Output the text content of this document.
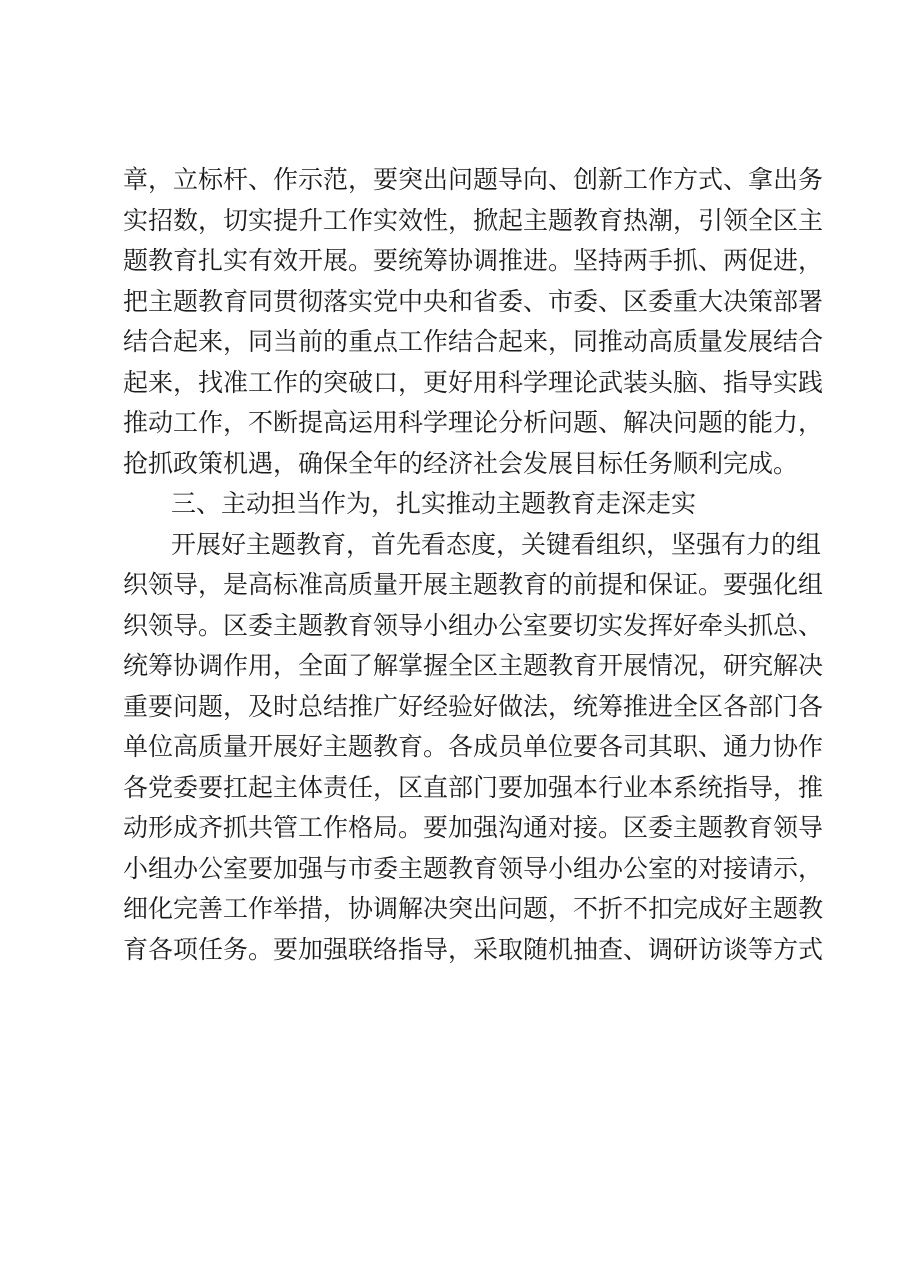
章，立标杆、作示范，要突出问题导向、创新工作方式、拿出务
实招数，切实提升工作实效性，掀起主题教育热潮，引领全区主
题教育扎实有效开展。要统筹协调推进。坚持两手抓、两促进，
把主题教育同贯彻落实党中央和省委、市委、区委重大决策部署
结合起来，同当前的重点工作结合起来，同推动高质量发展结合
起来，找准工作的突破口，更好用科学理论武装头脑、指导实践
推动工作，不断提高运用科学理论分析问题、解决问题的能力，
抢抓政策机遇，确保全年的经济社会发展目标任务顺利完成。
三、主动担当作为，扎实推动主题教育走深走实
开展好主题教育，首先看态度，关键看组织，坚强有力的组
织领导，是高标准高质量开展主题教育的前提和保证。要强化组
织领导。区委主题教育领导小组办公室要切实发挥好牵头抓总、
统筹协调作用，全面了解掌握全区主题教育开展情况，研究解决
重要问题，及时总结推广好经验好做法，统筹推进全区各部门各
单位高质量开展好主题教育。各成员单位要各司其职、通力协作
各党委要扛起主体责任，区直部门要加强本行业本系统指导，推
动形成齐抓共管工作格局。要加强沟通对接。区委主题教育领导
小组办公室要加强与市委主题教育领导小组办公室的对接请示，
细化完善工作举措，协调解决突出问题，不折不扣完成好主题教
育各项任务。要加强联络指导，采取随机抽查、调研访谈等方式
